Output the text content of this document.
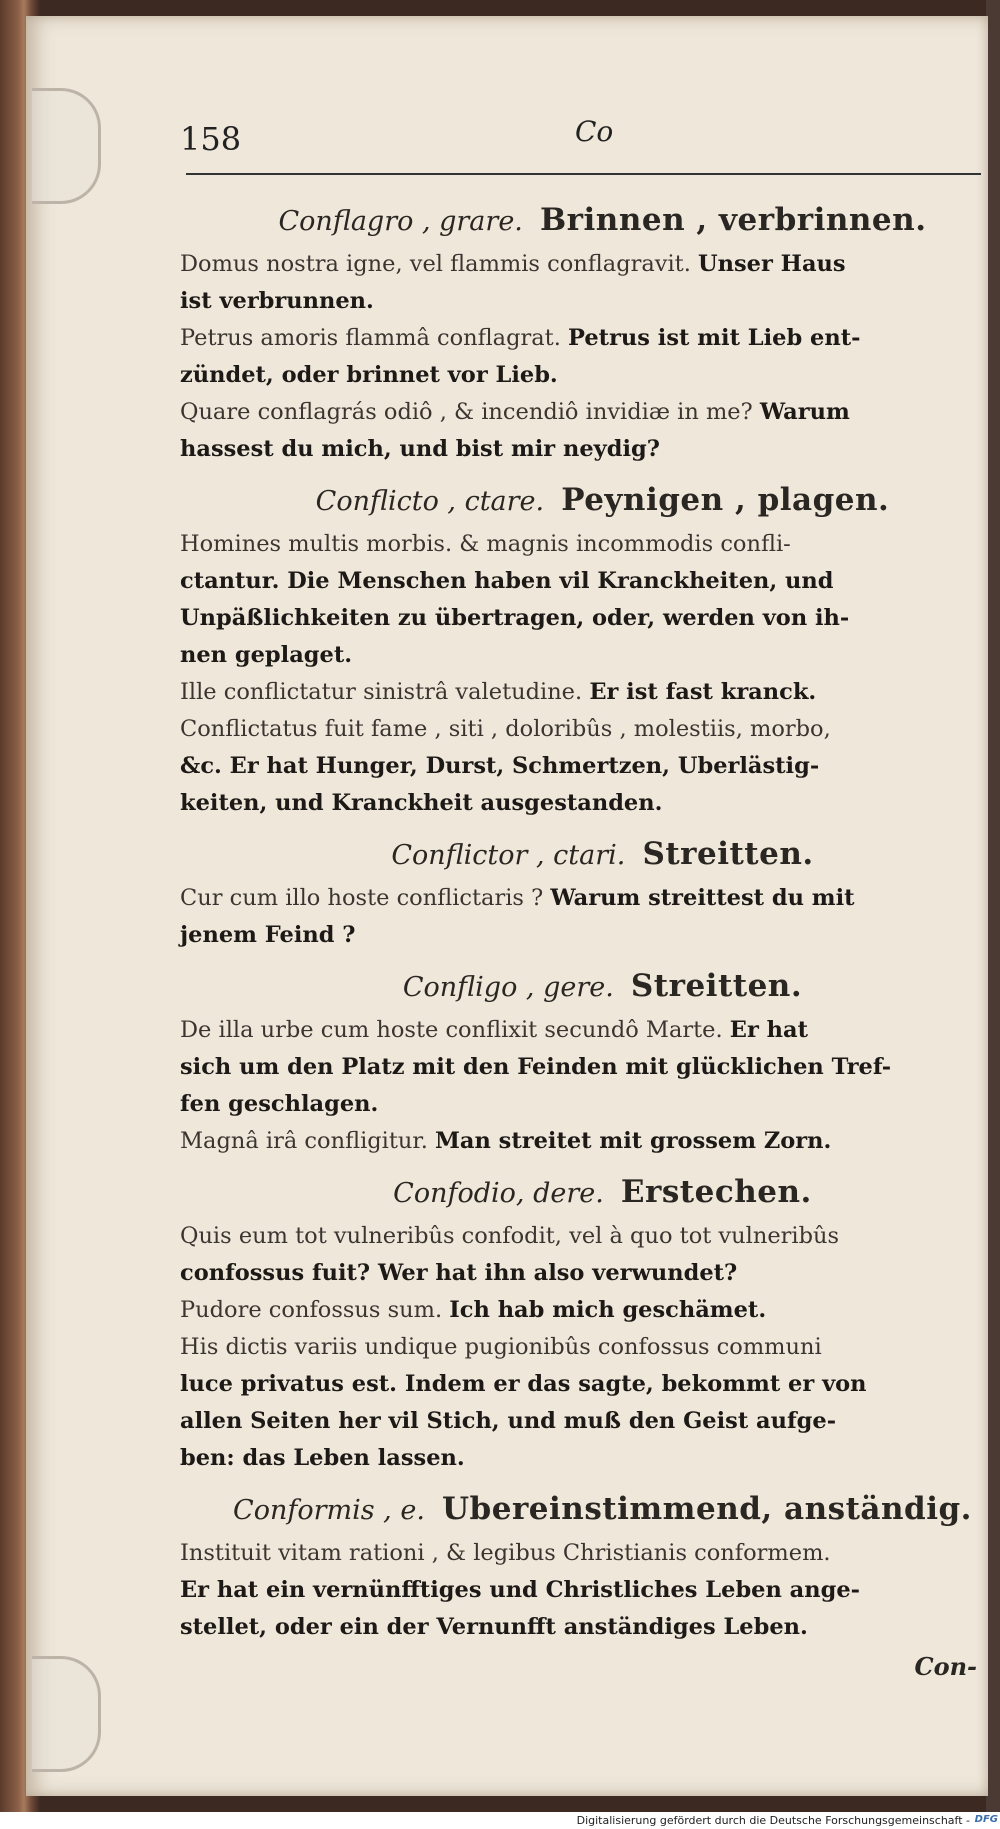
158	Co
Conflagro , grare. Brinnen , verbrinnen.

Domus nostra igne, vel flammis conflagravit. Unser Haus
ist verbrunnen.

Petrus amoris flammâ conflagrat. Petrus ist mit Lieb ent-
zündet, oder brinnet vor Lieb.

Quare conflagrás odiô , & incendiô invidiæ in me? Warum
hassest du mich, und bist mir neydig?

Conflicto , ctare. Peynigen , plagen.

Homines multis morbis. & magnis incommodis confli-
ctantur. Die Menschen haben vil Kranckheiten, und
Unpäßlichkeiten zu übertragen, oder, werden von ih-
nen geplaget.

Ille conflictatur sinistrâ valetudine. Er ist fast kranck.

Conflictatus fuit fame , siti , doloribûs , molestiis, morbo,
&c. Er hat Hunger, Durst, Schmertzen, Uberlästig-
keiten, und Kranckheit ausgestanden.

Conflictor , ctari. Streitten.

Cur cum illo hoste conflictaris ? Warum streittest du mit
jenem Feind ?

Confligo , gere. Streitten.

De illa urbe cum hoste conflixit secundô Marte. Er hat
sich um den Platz mit den Feinden mit glücklichen Tref-
fen geschlagen.

Magnâ irâ confligitur. Man streitet mit grossem Zorn.

Confodio, dere. Erstechen.

Quis eum tot vulneribûs confodit, vel à quo tot vulneribûs
confossus fuit? Wer hat ihn also verwundet?

Pudore confossus sum. Ich hab mich geschämet.

His dictis variis undique pugionibûs confossus communi
luce privatus est. Indem er das sagte, bekommt er von
allen Seiten her vil Stich, und muß den Geist aufge-
ben: das Leben lassen.

Conformis , e. Ubereinstimmend, anständig.

Instituit vitam rationi , & legibus Christianis conformem.
Er hat ein vernünfftiges und Christliches Leben ange-
stellet, oder ein der Vernunfft anständiges Leben.

Con-
Digitalisierung gefördert durch die Deutsche Forschungsgemeinschaft - DFG
